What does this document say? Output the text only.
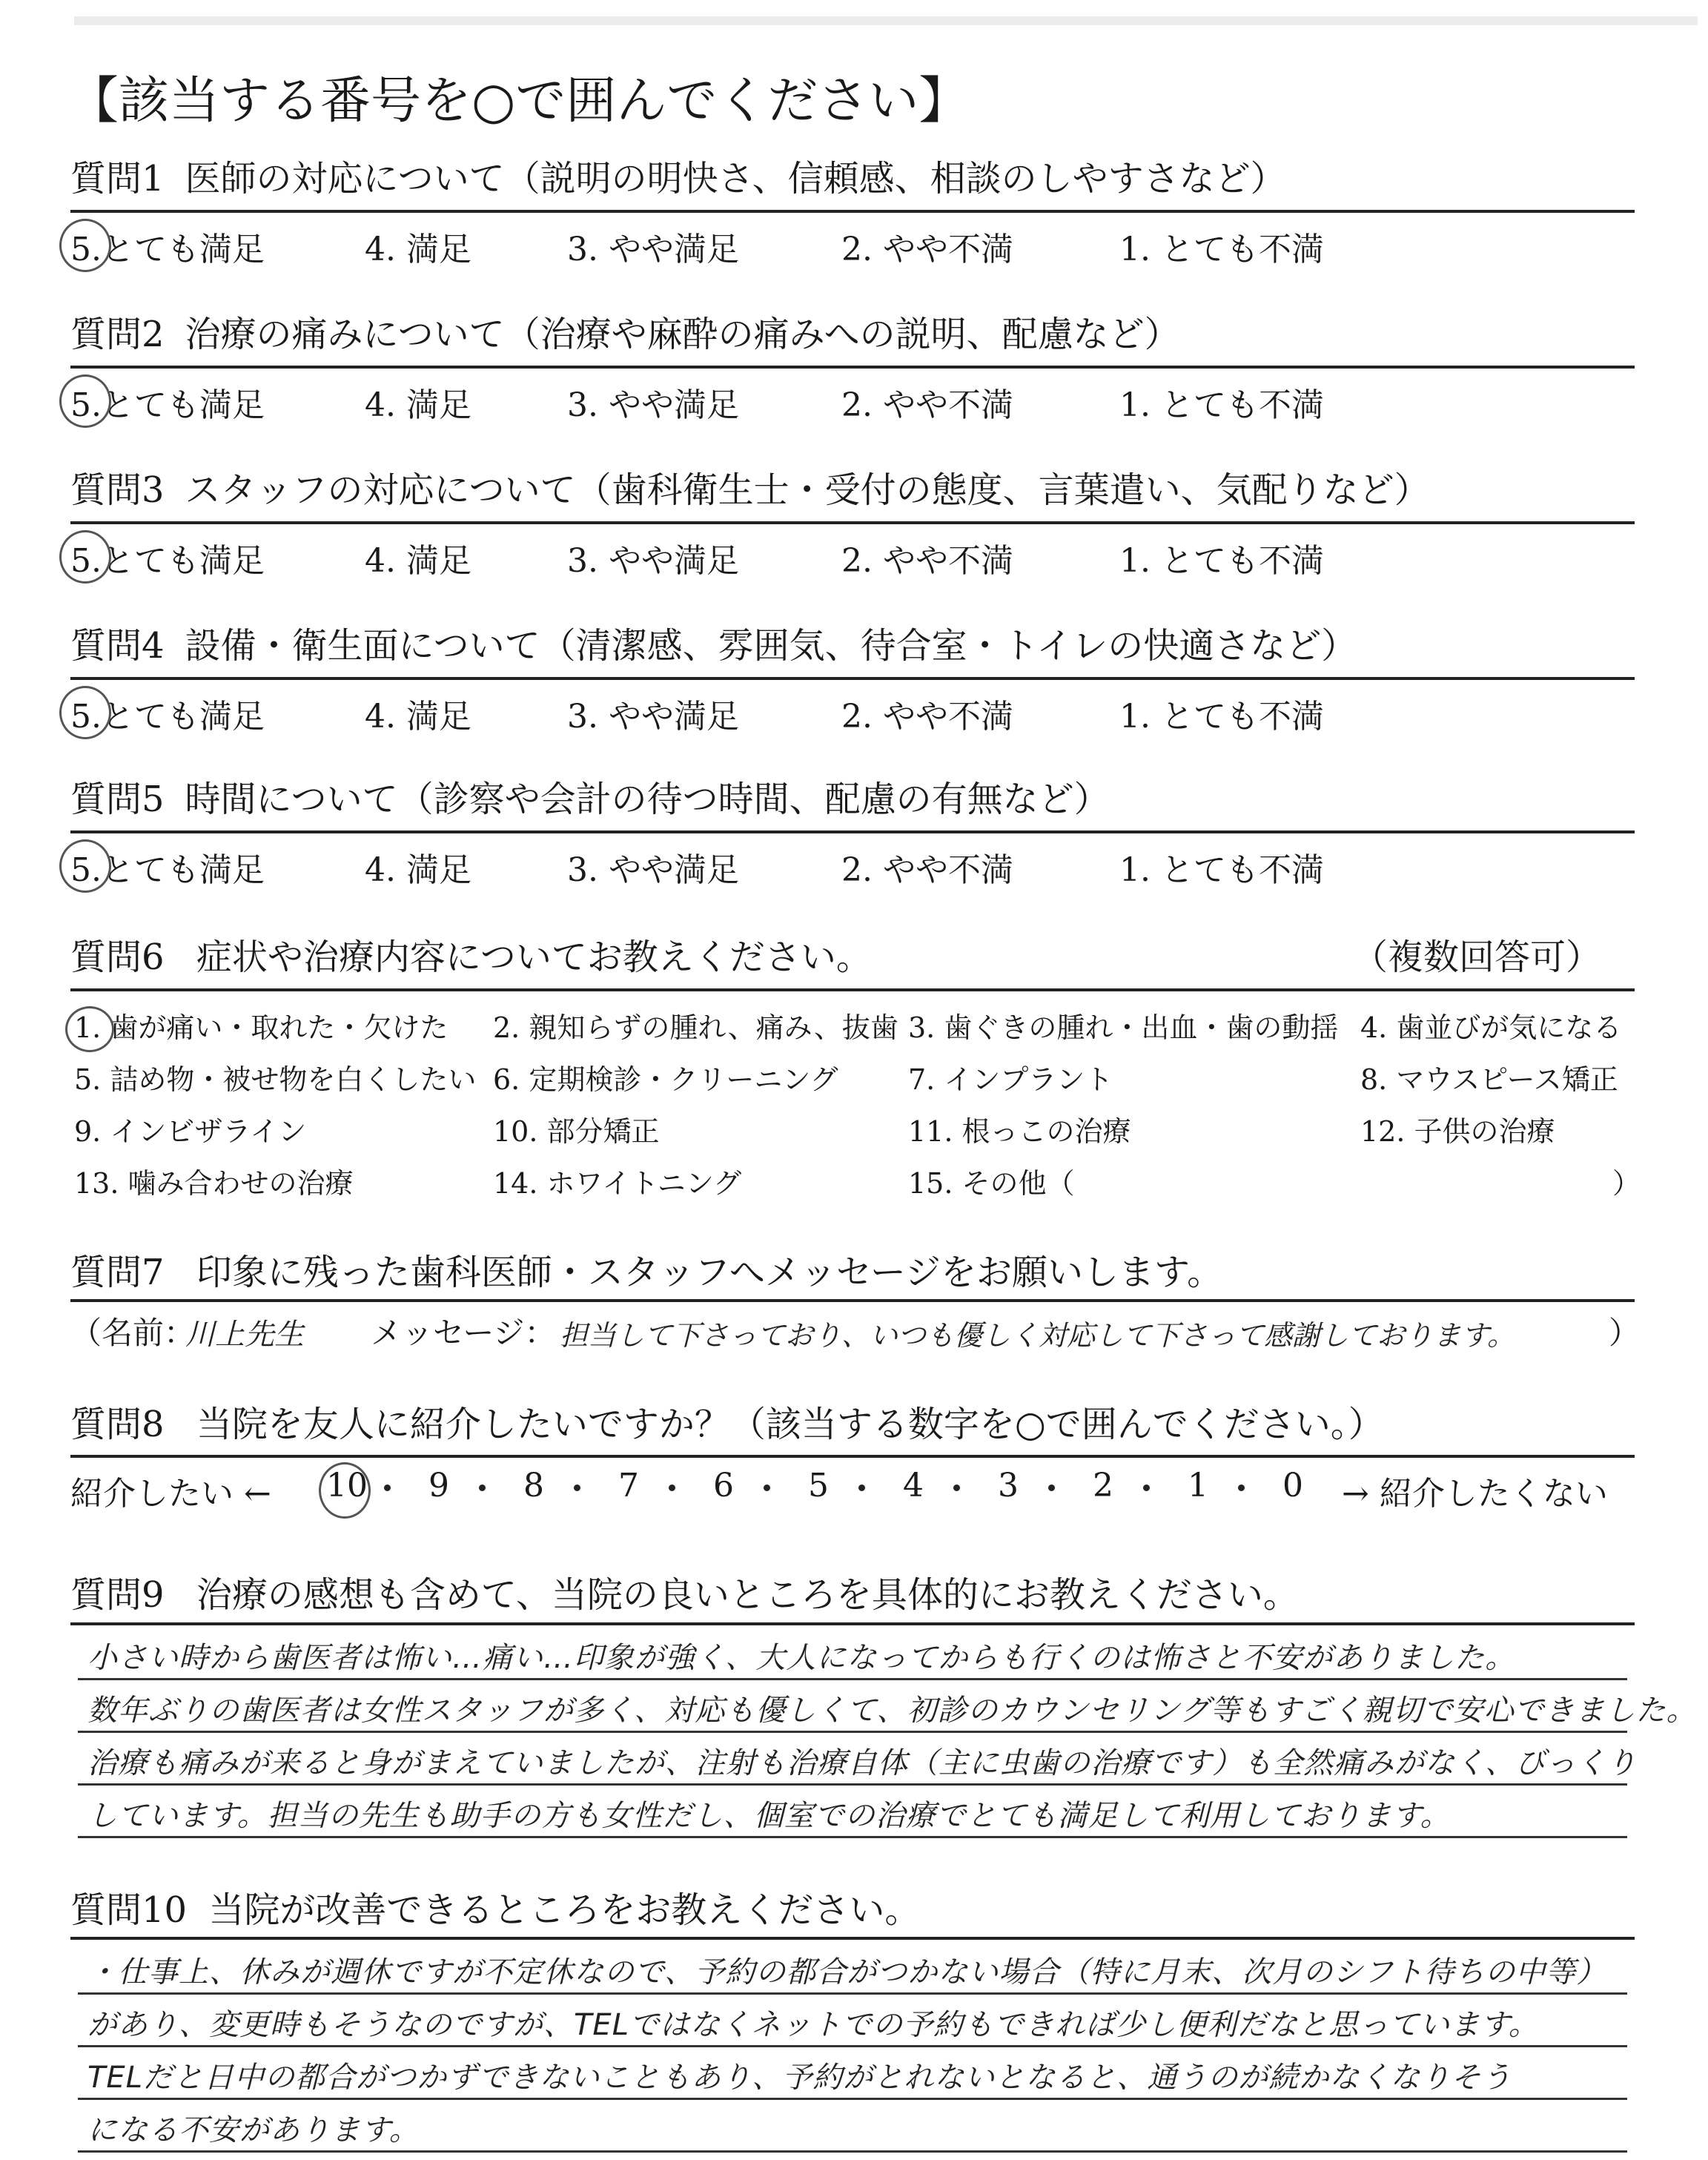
【該当する番号を○で囲んでください】
質問1 医師の対応について（説明の明快さ、信頼感、相談のしやすさなど）
5.とても満足	4. 満足	3. やや満足	2. やや不満	1. とても不満
質問2 治療の痛みについて（治療や麻酔の痛みへの説明、配慮など）
5.とても満足	4. 満足	3. やや満足	2. やや不満	1. とても不満
質問3 スタッフの対応について（歯科衛生士・受付の態度、言葉遣い、気配りなど）
5.とても満足	4. 満足	3. やや満足	2. やや不満	1. とても不満
質問4 設備・衛生面について（清潔感、雰囲気、待合室・トイレの快適さなど）
5.とても満足	4. 満足	3. やや満足	2. やや不満	1. とても不満
質問5 時間について（診察や会計の待つ時間、配慮の有無など）
5.とても満足	4. 満足	3. やや満足	2. やや不満	1. とても不満
質問6 症状や治療内容についてお教えください。	（複数回答可）
1. 歯が痛い・取れた・欠けた 2. 親知らずの腫れ、痛み、抜歯 3. 歯ぐきの腫れ・出血・歯の動揺 4. 歯並びが気になる
5. 詰め物・被せ物を白くしたい 6. 定期検診・クリーニング 7. インプラント	8. マウスピース矯正
9. インビザライン	10. 部分矯正	11. 根っこの治療	12. 子供の治療
13. 噛み合わせの治療	14. ホワイトニング	15. その他（	）
質問7 印象に残った歯科医師・スタッフへメッセージをお願いします。
（名前：
川上先生 メッセージ： 担当して下さっており、いつも優しく対応して下さって感謝しております。	）
質問8 当院を友人に紹介したいですか？（該当する数字を○で囲んでください。）
紹介したい ← 10 9 8 7 6 5 4 3 2 1 0 → 紹介したくない
質問9 治療の感想も含めて、当院の良いところを具体的にお教えください。
小さい時から歯医者は怖い…痛い…印象が強く、大人になってからも行くのは怖さと不安がありました。
数年ぶりの歯医者は女性スタッフが多く、対応も優しくて、初診のカウンセリング等もすごく親切で安心できました。
治療も痛みが来ると身がまえていましたが、注射も治療自体（主に虫歯の治療です）も全然痛みがなく、びっくり
しています。担当の先生も助手の方も女性だし、個室での治療でとても満足して利用しております。
質問10 当院が改善できるところをお教えください。
・仕事上、休みが週休ですが不定休なので、予約の都合がつかない場合（特に月末、次月のシフト待ちの中等）
があり、変更時もそうなのですが、TELではなくネットでの予約もできれば少し便利だなと思っています。
TELだと日中の都合がつかずできないこともあり、予約がとれないとなると、通うのが続かなくなりそう
になる不安があります。
